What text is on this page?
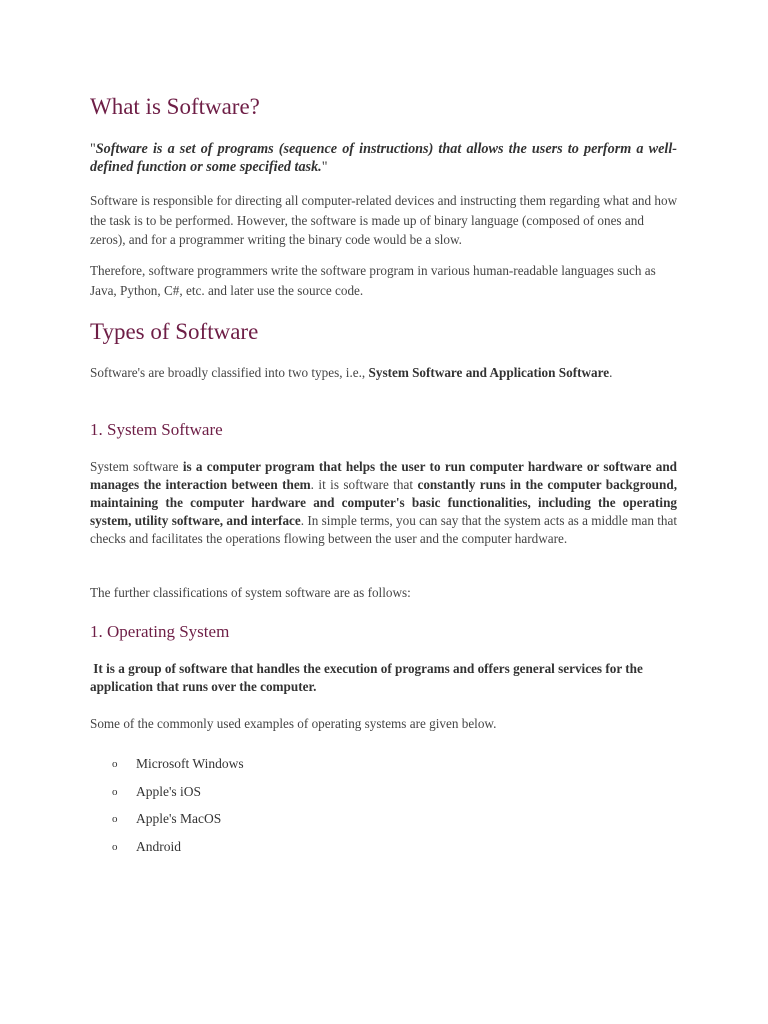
What is Software?
"Software is a set of programs (sequence of instructions) that allows the users to perform a well-defined function or some specified task."

Software is responsible for directing all computer-related devices and instructing them regarding what and how the task is to be performed. However, the software is made up of binary language (composed of ones and zeros), and for a programmer writing the binary code would be a slow.

Therefore, software programmers write the software program in various human-readable languages such as Java, Python, C#, etc. and later use the source code.

Types of Software

Software's are broadly classified into two types, i.e., System Software and Application Software.

1. System Software

System software is a computer program that helps the user to run computer hardware or software and manages the interaction between them. it is software that constantly runs in the computer background, maintaining the computer hardware and computer's basic functionalities, including the operating system, utility software, and interface. In simple terms, you can say that the system acts as a middle man that checks and facilitates the operations flowing between the user and the computer hardware.

The further classifications of system software are as follows:

1. Operating System

It is a group of software that handles the execution of programs and offers general services for the application that runs over the computer.

Some of the commonly used examples of operating systems are given below.

o	Microsoft Windows
o	Apple's iOS
o	Apple's MacOS
o	Android
